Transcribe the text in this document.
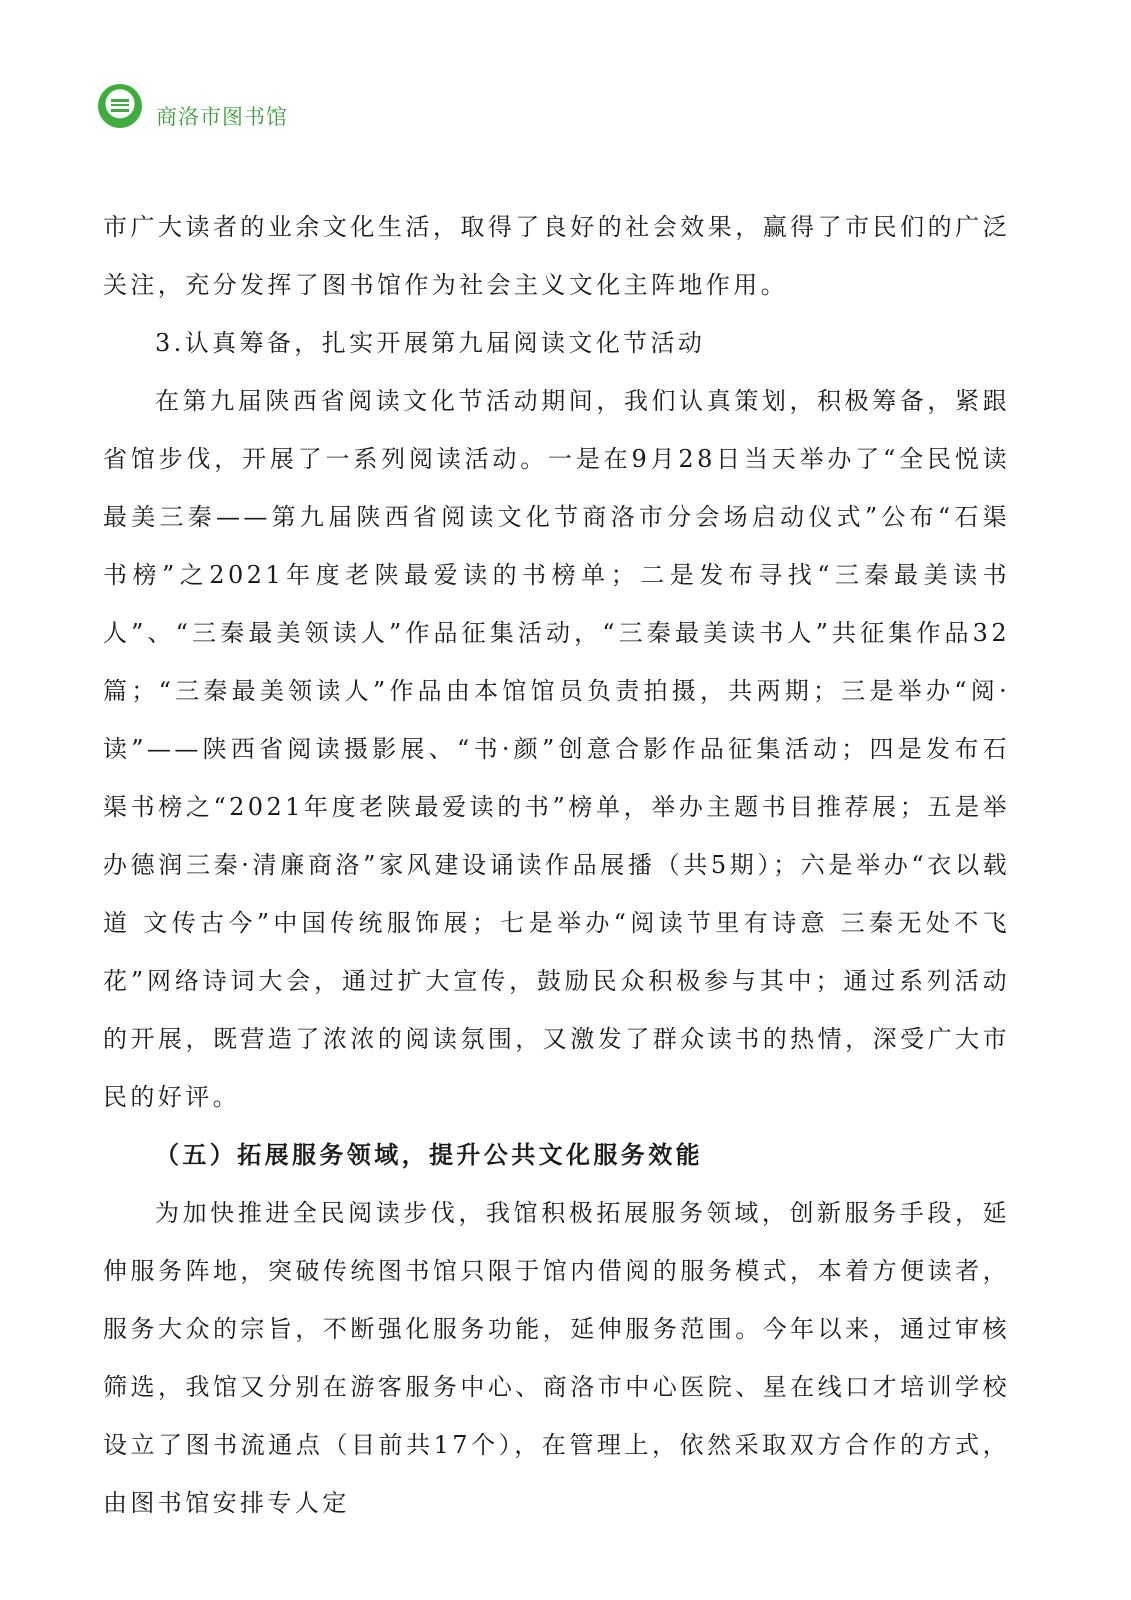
商洛市图书馆

市广大读者的业余文化生活，取得了良好的社会效果，赢得了市民们的广泛关注，充分发挥了图书馆作为社会主义文化主阵地作用。

3.认真筹备，扎实开展第九届阅读文化节活动

在第九届陕西省阅读文化节活动期间，我们认真策划，积极筹备，紧跟省馆步伐，开展了一系列阅读活动。一是在9月28日当天举办了“全民悦读 最美三秦——第九届陕西省阅读文化节商洛市分会场启动仪式”公布“石渠书榜”之2021年度老陕最爱读的书榜单；二是发布寻找“三秦最美读书人”、“三秦最美领读人”作品征集活动，“三秦最美读书人”共征集作品32篇；“三秦最美领读人”作品由本馆馆员负责拍摄，共两期；三是举办“阅·读”——陕西省阅读摄影展、“书·颜”创意合影作品征集活动；四是发布石渠书榜之“2021年度老陕最爱读的书”榜单，举办主题书目推荐展；五是举办德润三秦·清廉商洛”家风建设诵读作品展播（共5期）；六是举办“衣以载道 文传古今”中国传统服饰展；七是举办“阅读节里有诗意 三秦无处不飞花”网络诗词大会，通过扩大宣传，鼓励民众积极参与其中；通过系列活动的开展，既营造了浓浓的阅读氛围，又激发了群众读书的热情，深受广大市民的好评。

（五）拓展服务领域，提升公共文化服务效能

为加快推进全民阅读步伐，我馆积极拓展服务领域，创新服务手段，延伸服务阵地，突破传统图书馆只限于馆内借阅的服务模式，本着方便读者，服务大众的宗旨，不断强化服务功能，延伸服务范围。今年以来，通过审核筛选，我馆又分别在游客服务中心、商洛市中心医院、星在线口才培训学校设立了图书流通点（目前共17个），在管理上，依然采取双方合作的方式，由图书馆安排专人定
